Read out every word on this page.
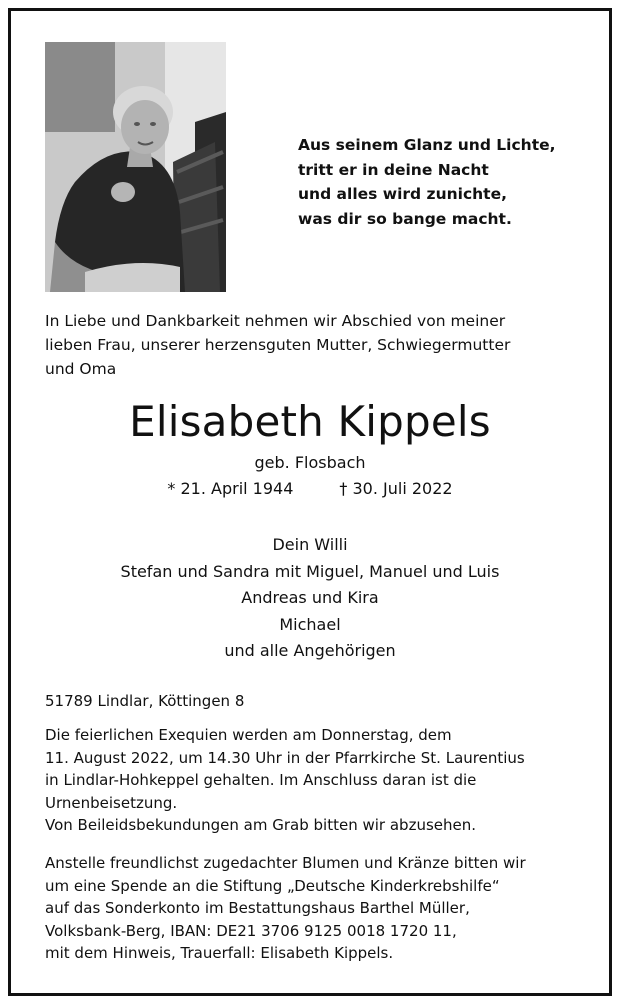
Aus seinem Glanz und Lichte,
tritt er in deine Nacht
und alles wird zunichte,
was dir so bange macht.
In Liebe und Dankbarkeit nehmen wir Abschied von meiner
lieben Frau, unserer herzensguten Mutter, Schwiegermutter
und Oma
Elisabeth Kippels
geb. Flosbach
* 21. April 1944	† 30. Juli 2022
Dein Willi
Stefan und Sandra mit Miguel, Manuel und Luis
Andreas und Kira
Michael
und alle Angehörigen
51789 Lindlar, Köttingen 8
Die feierlichen Exequien werden am Donnerstag, dem
11. August 2022, um 14.30 Uhr in der Pfarrkirche St. Laurentius
in Lindlar-Hohkeppel gehalten. Im Anschluss daran ist die
Urnenbeisetzung.
Von Beileidsbekundungen am Grab bitten wir abzusehen.
Anstelle freundlichst zugedachter Blumen und Kränze bitten wir
um eine Spende an die Stiftung „Deutsche Kinderkrebshilfe“
auf das Sonderkonto im Bestattungshaus Barthel Müller,
Volksbank-Berg, IBAN: DE21 3706 9125 0018 1720 11,
mit dem Hinweis, Trauerfall: Elisabeth Kippels.
